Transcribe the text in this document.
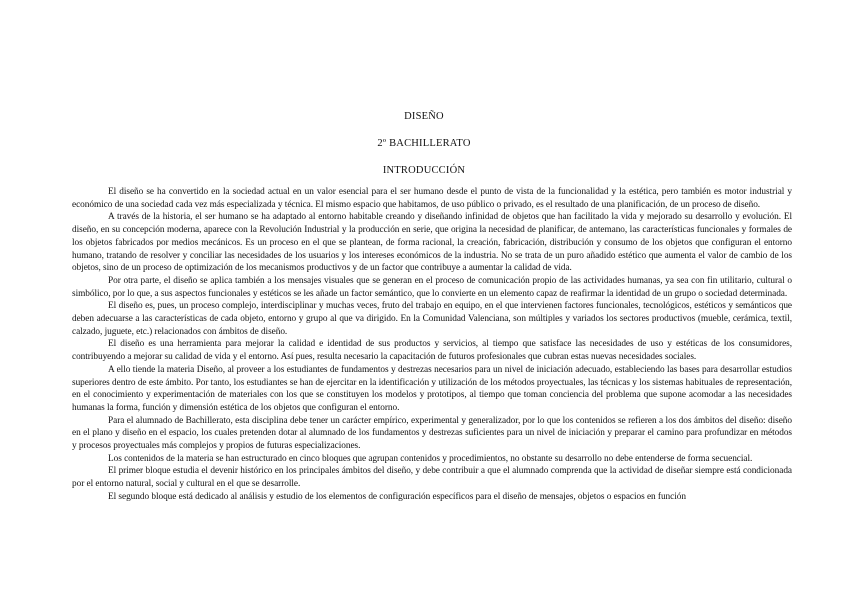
DISEÑO
2º BACHILLERATO
INTRODUCCIÓN

El diseño se ha convertido en la sociedad actual en un valor esencial para el ser humano desde el punto de vista de la funcionalidad y la estética, pero también es motor industrial y económico de una sociedad cada vez más especializada y técnica. El mismo espacio que habitamos, de uso público o privado, es el resultado de una planificación, de un proceso de diseño.

A través de la historia, el ser humano se ha adaptado al entorno habitable creando y diseñando infinidad de objetos que han facilitado la vida y mejorado su desarrollo y evolución. El diseño, en su concepción moderna, aparece con la Revolución Industrial y la producción en serie, que origina la necesidad de planificar, de antemano, las características funcionales y formales de los objetos fabricados por medios mecánicos. Es un proceso en el que se plantean, de forma racional, la creación, fabricación, distribución y consumo de los objetos que configuran el entorno humano, tratando de resolver y conciliar las necesidades de los usuarios y los intereses económicos de la industria. No se trata de un puro añadido estético que aumenta el valor de cambio de los objetos, sino de un proceso de optimización de los mecanismos productivos y de un factor que contribuye a aumentar la calidad de vida.

Por otra parte, el diseño se aplica también a los mensajes visuales que se generan en el proceso de comunicación propio de las actividades humanas, ya sea con fin utilitario, cultural o simbólico, por lo que, a sus aspectos funcionales y estéticos se les añade un factor semántico, que lo convierte en un elemento capaz de reafirmar la identidad de un grupo o sociedad determinada.

El diseño es, pues, un proceso complejo, interdisciplinar y muchas veces, fruto del trabajo en equipo, en el que intervienen factores funcionales, tecnológicos, estéticos y semánticos que deben adecuarse a las características de cada objeto, entorno y grupo al que va dirigido. En la Comunidad Valenciana, son múltiples y variados los sectores productivos (mueble, cerámica, textil, calzado, juguete, etc.) relacionados con ámbitos de diseño.

El diseño es una herramienta para mejorar la calidad e identidad de sus productos y servicios, al tiempo que satisface las necesidades de uso y estéticas de los consumidores, contribuyendo a mejorar su calidad de vida y el entorno. Así pues, resulta necesario la capacitación de futuros profesionales que cubran estas nuevas necesidades sociales.

A ello tiende la materia Diseño, al proveer a los estudiantes de fundamentos y destrezas necesarios para un nivel de iniciación adecuado, estableciendo las bases para desarrollar estudios superiores dentro de este ámbito. Por tanto, los estudiantes se han de ejercitar en la identificación y utilización de los métodos proyectuales, las técnicas y los sistemas habituales de representación, en el conocimiento y experimentación de materiales con los que se constituyen los modelos y prototipos, al tiempo que toman conciencia del problema que supone acomodar a las necesidades humanas la forma, función y dimensión estética de los objetos que configuran el entorno.

Para el alumnado de Bachillerato, esta disciplina debe tener un carácter empírico, experimental y generalizador, por lo que los contenidos se refieren a los dos ámbitos del diseño: diseño en el plano y diseño en el espacio, los cuales pretenden dotar al alumnado de los fundamentos y destrezas suficientes para un nivel de iniciación y preparar el camino para profundizar en métodos y procesos proyectuales más complejos y propios de futuras especializaciones.

Los contenidos de la materia se han estructurado en cinco bloques que agrupan contenidos y procedimientos, no obstante su desarrollo no debe entenderse de forma secuencial.

El primer bloque estudia el devenir histórico en los principales ámbitos del diseño, y debe contribuir a que el alumnado comprenda que la actividad de diseñar siempre está condicionada por el entorno natural, social y cultural en el que se desarrolle.

El segundo bloque está dedicado al análisis y estudio de los elementos de configuración específicos para el diseño de mensajes, objetos o espacios en función
